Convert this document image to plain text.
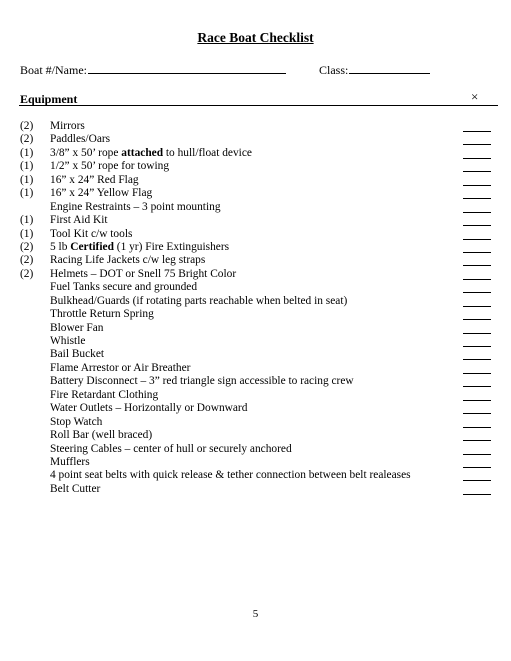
Race Boat Checklist
Boat #/Name:	Class:
Equipment	×
(2) Mirrors
(2) Paddles/Oars
(1) 3/8” x 50’ rope attached to hull/float device
(1) 1/2” x 50’ rope for towing
(1) 16” x 24” Red Flag
(1) 16” x 24” Yellow Flag
Engine Restraints – 3 point mounting
(1) First Aid Kit
(1) Tool Kit c/w tools
(2) 5 lb Certified (1 yr) Fire Extinguishers
(2) Racing Life Jackets c/w leg straps
(2) Helmets – DOT or Snell 75 Bright Color
Fuel Tanks secure and grounded
Bulkhead/Guards (if rotating parts reachable when belted in seat)
Throttle Return Spring
Blower Fan
Whistle
Bail Bucket
Flame Arrestor or Air Breather
Battery Disconnect – 3” red triangle sign accessible to racing crew
Fire Retardant Clothing
Water Outlets – Horizontally or Downward
Stop Watch
Roll Bar (well braced)
Steering Cables – center of hull or securely anchored
Mufflers
4 point seat belts with quick release & tether connection between belt realeases
Belt Cutter
5
